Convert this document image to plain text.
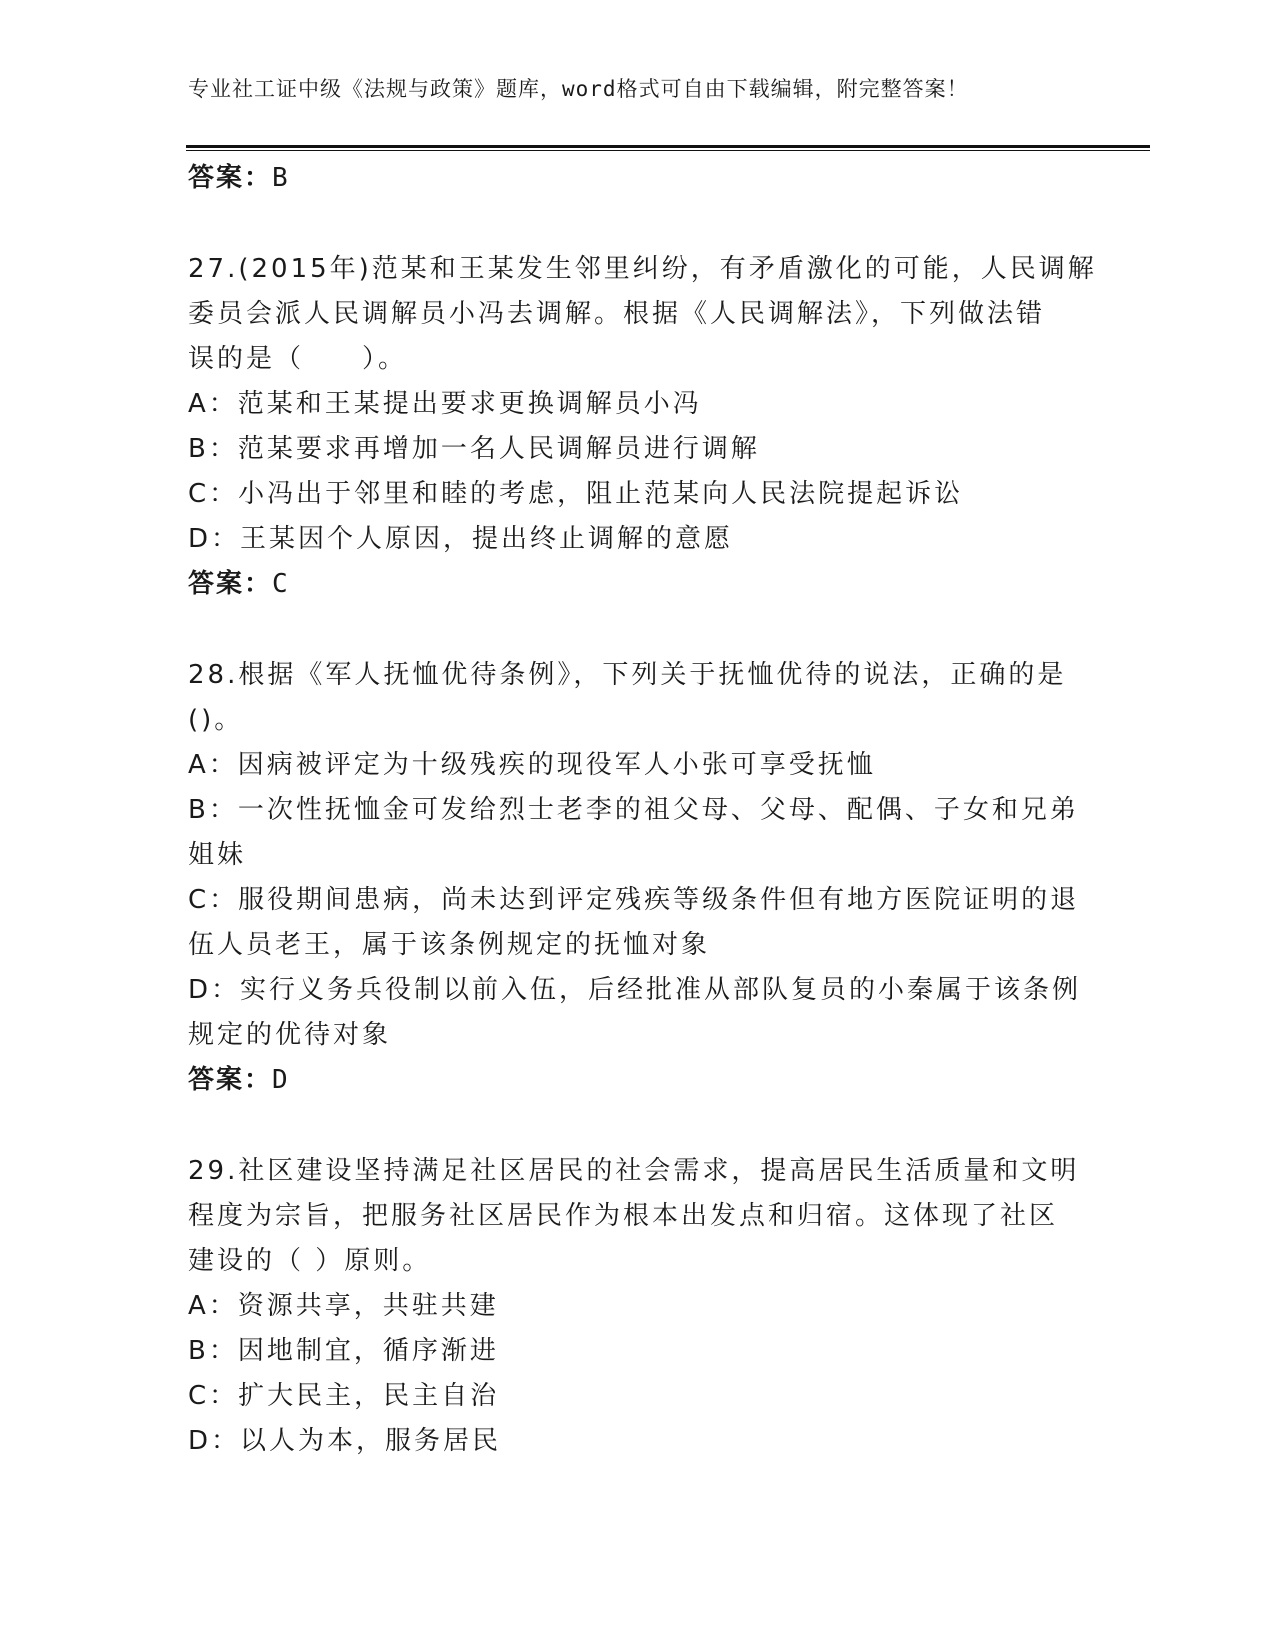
专业社工证中级《法规与政策》题库，word格式可自由下载编辑，附完整答案！
答案：B
27.(2015年)范某和王某发生邻里纠纷，有矛盾激化的可能，人民调解
委员会派人民调解员小冯去调解。根据《人民调解法》，下列做法错
误的是（　　）。
A：范某和王某提出要求更换调解员小冯
B：范某要求再增加一名人民调解员进行调解
C：小冯出于邻里和睦的考虑，阻止范某向人民法院提起诉讼
D：王某因个人原因，提出终止调解的意愿
答案：C
28.根据《军人抚恤优待条例》，下列关于抚恤优待的说法，正确的是
()。
A：因病被评定为十级残疾的现役军人小张可享受抚恤
B：一次性抚恤金可发给烈士老李的祖父母、父母、配偶、子女和兄弟
姐妹
C：服役期间患病，尚未达到评定残疾等级条件但有地方医院证明的退
伍人员老王，属于该条例规定的抚恤对象
D：实行义务兵役制以前入伍，后经批准从部队复员的小秦属于该条例
规定的优待对象
答案：D
29.社区建设坚持满足社区居民的社会需求，提高居民生活质量和文明
程度为宗旨，把服务社区居民作为根本出发点和归宿。这体现了社区
建设的（ ）原则。
A：资源共享，共驻共建
B：因地制宜，循序渐进
C：扩大民主，民主自治
D：以人为本，服务居民
